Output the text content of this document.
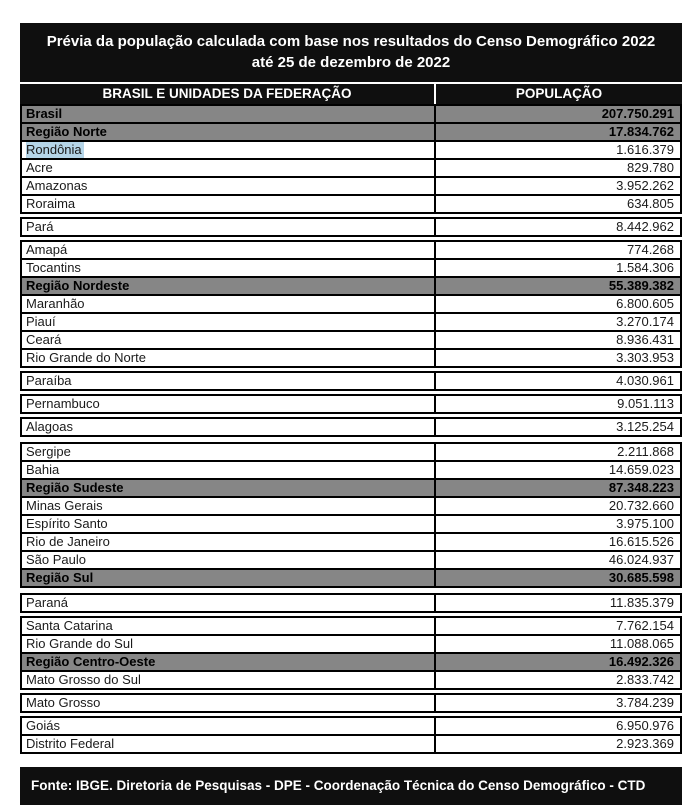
Prévia da população calculada com base nos resultados do Censo Demográfico 2022 até 25 de dezembro de 2022
BRASIL E UNIDADES DA FEDERAÇÃO	POPULAÇÃO
Brasil	207.750.291
Região Norte	17.834.762
Rondônia	1.616.379
Acre	829.780
Amazonas	3.952.262
Roraima	634.805
Pará	8.442.962
Amapá	774.268
Tocantins	1.584.306
Região Nordeste	55.389.382
Maranhão	6.800.605
Piauí	3.270.174
Ceará	8.936.431
Rio Grande do Norte	3.303.953
Paraíba	4.030.961
Pernambuco	9.051.113
Alagoas	3.125.254
Sergipe	2.211.868
Bahia	14.659.023
Região Sudeste	87.348.223
Minas Gerais	20.732.660
Espírito Santo	3.975.100
Rio de Janeiro	16.615.526
São Paulo	46.024.937
Região Sul	30.685.598
Paraná	11.835.379
Santa Catarina	7.762.154
Rio Grande do Sul	11.088.065
Região Centro-Oeste	16.492.326
Mato Grosso do Sul	2.833.742
Mato Grosso	3.784.239
Goiás	6.950.976
Distrito Federal	2.923.369
Fonte: IBGE. Diretoria de Pesquisas - DPE - Coordenação Técnica do Censo Demográfico - CTD
